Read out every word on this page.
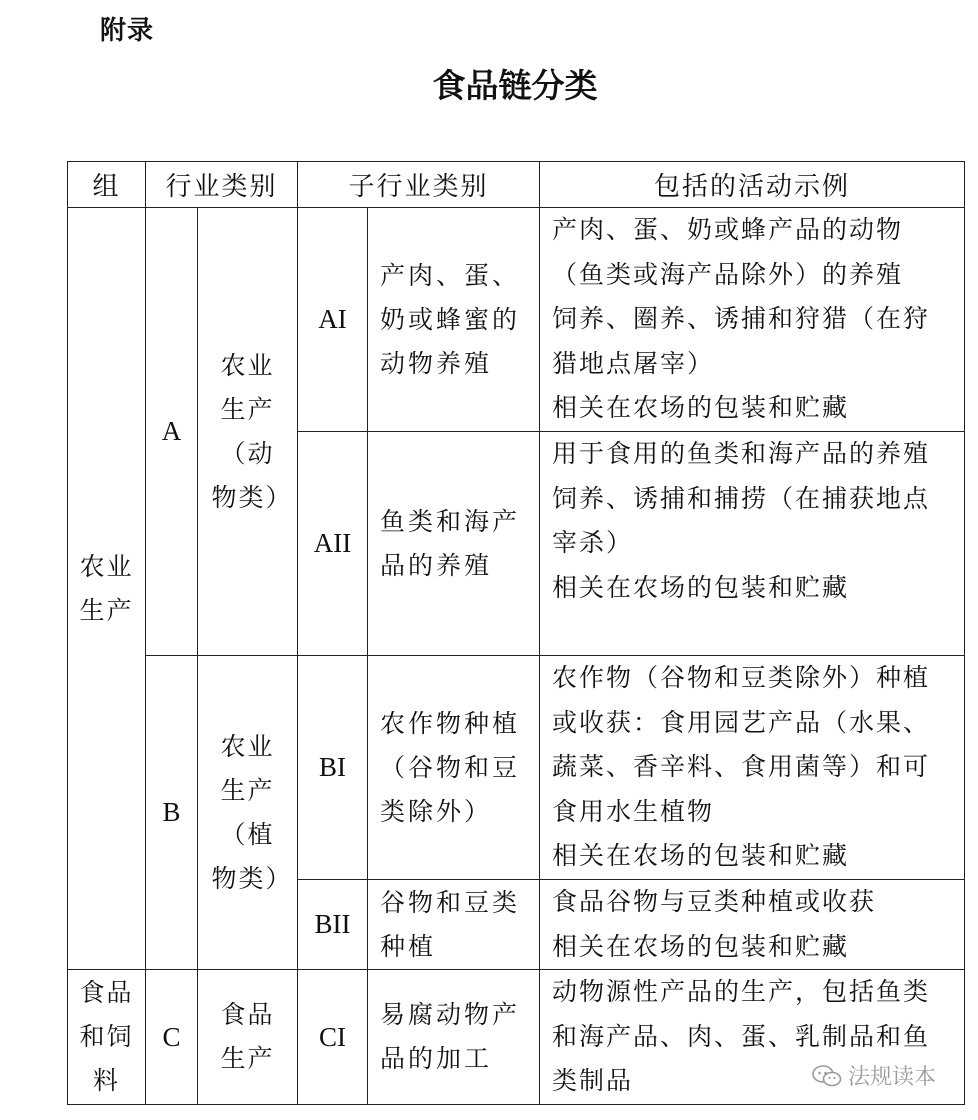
附录
食品链分类
组	行业类别		子行业类别		包括的活动示例

农业生产	A	农业生产（动物类）	AI	产肉、蛋、奶或蜂蜜的动物养殖	产肉、蛋、奶或蜂产品的动物（鱼类或海产品除外）的养殖
饲养、圈养、诱捕和狩猎（在狩猎地点屠宰）
相关在农场的包装和贮藏

			AII	鱼类和海产品的养殖	用于食用的鱼类和海产品的养殖
饲养、诱捕和捕捞（在捕获地点宰杀）
相关在农场的包装和贮藏

	B	农业生产（植物类）	BI	农作物种植（谷物和豆类除外）	农作物（谷物和豆类除外）种植或收获：食用园艺产品（水果、蔬菜、香辛料、食用菌等）和可食用水生植物
相关在农场的包装和贮藏

			BII	谷物和豆类种植	食品谷物与豆类种植或收获
相关在农场的包装和贮藏

食品和饲料	C	食品生产	CI	易腐动物产品的加工	动物源性产品的生产，包括鱼类和海产品、肉、蛋、乳制品和鱼类制品	法规读本
